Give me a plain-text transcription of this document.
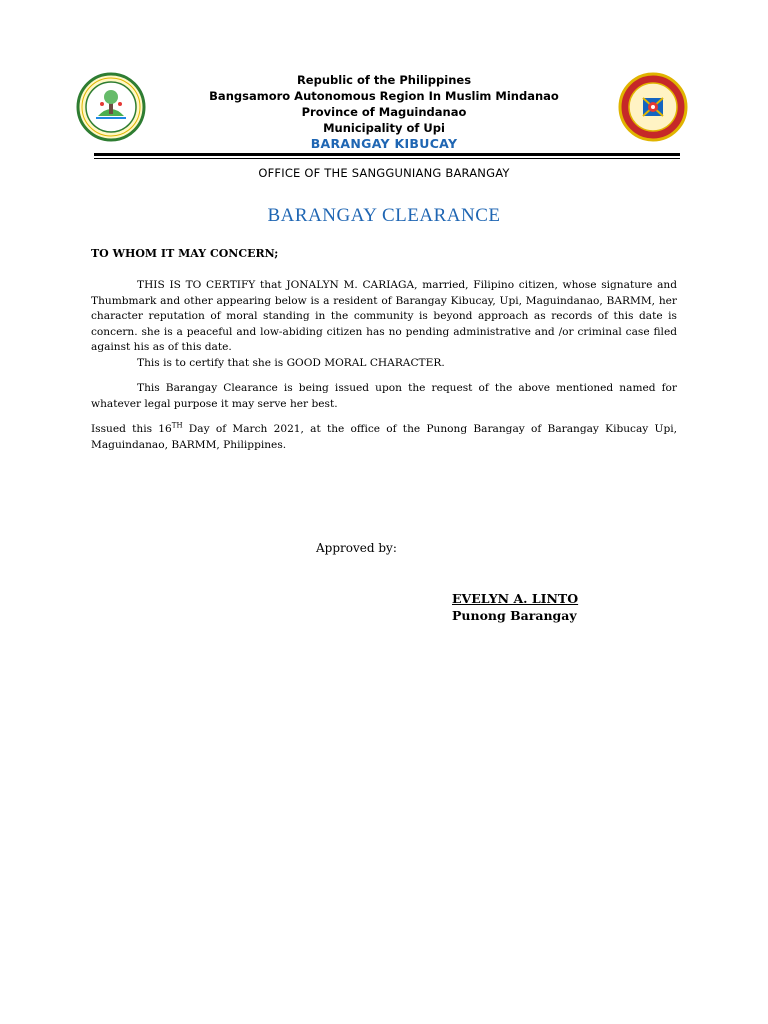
Republic of the Philippines
Bangsamoro Autonomous Region In Muslim Mindanao
Province of Maguindanao
Municipality of Upi
BARANGAY KIBUCAY
OFFICE OF THE SANGGUNIANG BARANGAY
BARANGAY CLEARANCE
TO WHOM IT MAY CONCERN;

THIS IS TO CERTIFY that JONALYN M. CARIAGA, married, Filipino citizen, whose signature and Thumbmark and other appearing below is a resident of Barangay Kibucay, Upi, Maguindanao, BARMM, her character reputation of moral standing in the community is beyond approach as records of this date is concern. she is a peaceful and low-abiding citizen has no pending administrative and /or criminal case filed against his as of this date.

This is to certify that she is GOOD MORAL CHARACTER.

This Barangay Clearance is being issued upon the request of the above mentioned named for whatever legal purpose it may serve her best.

Issued this 16TH Day of March 2021, at the office of the Punong Barangay of Barangay Kibucay Upi, Maguindanao, BARMM, Philippines.

Approved by:
EVELYN A. LINTO
Punong Barangay
